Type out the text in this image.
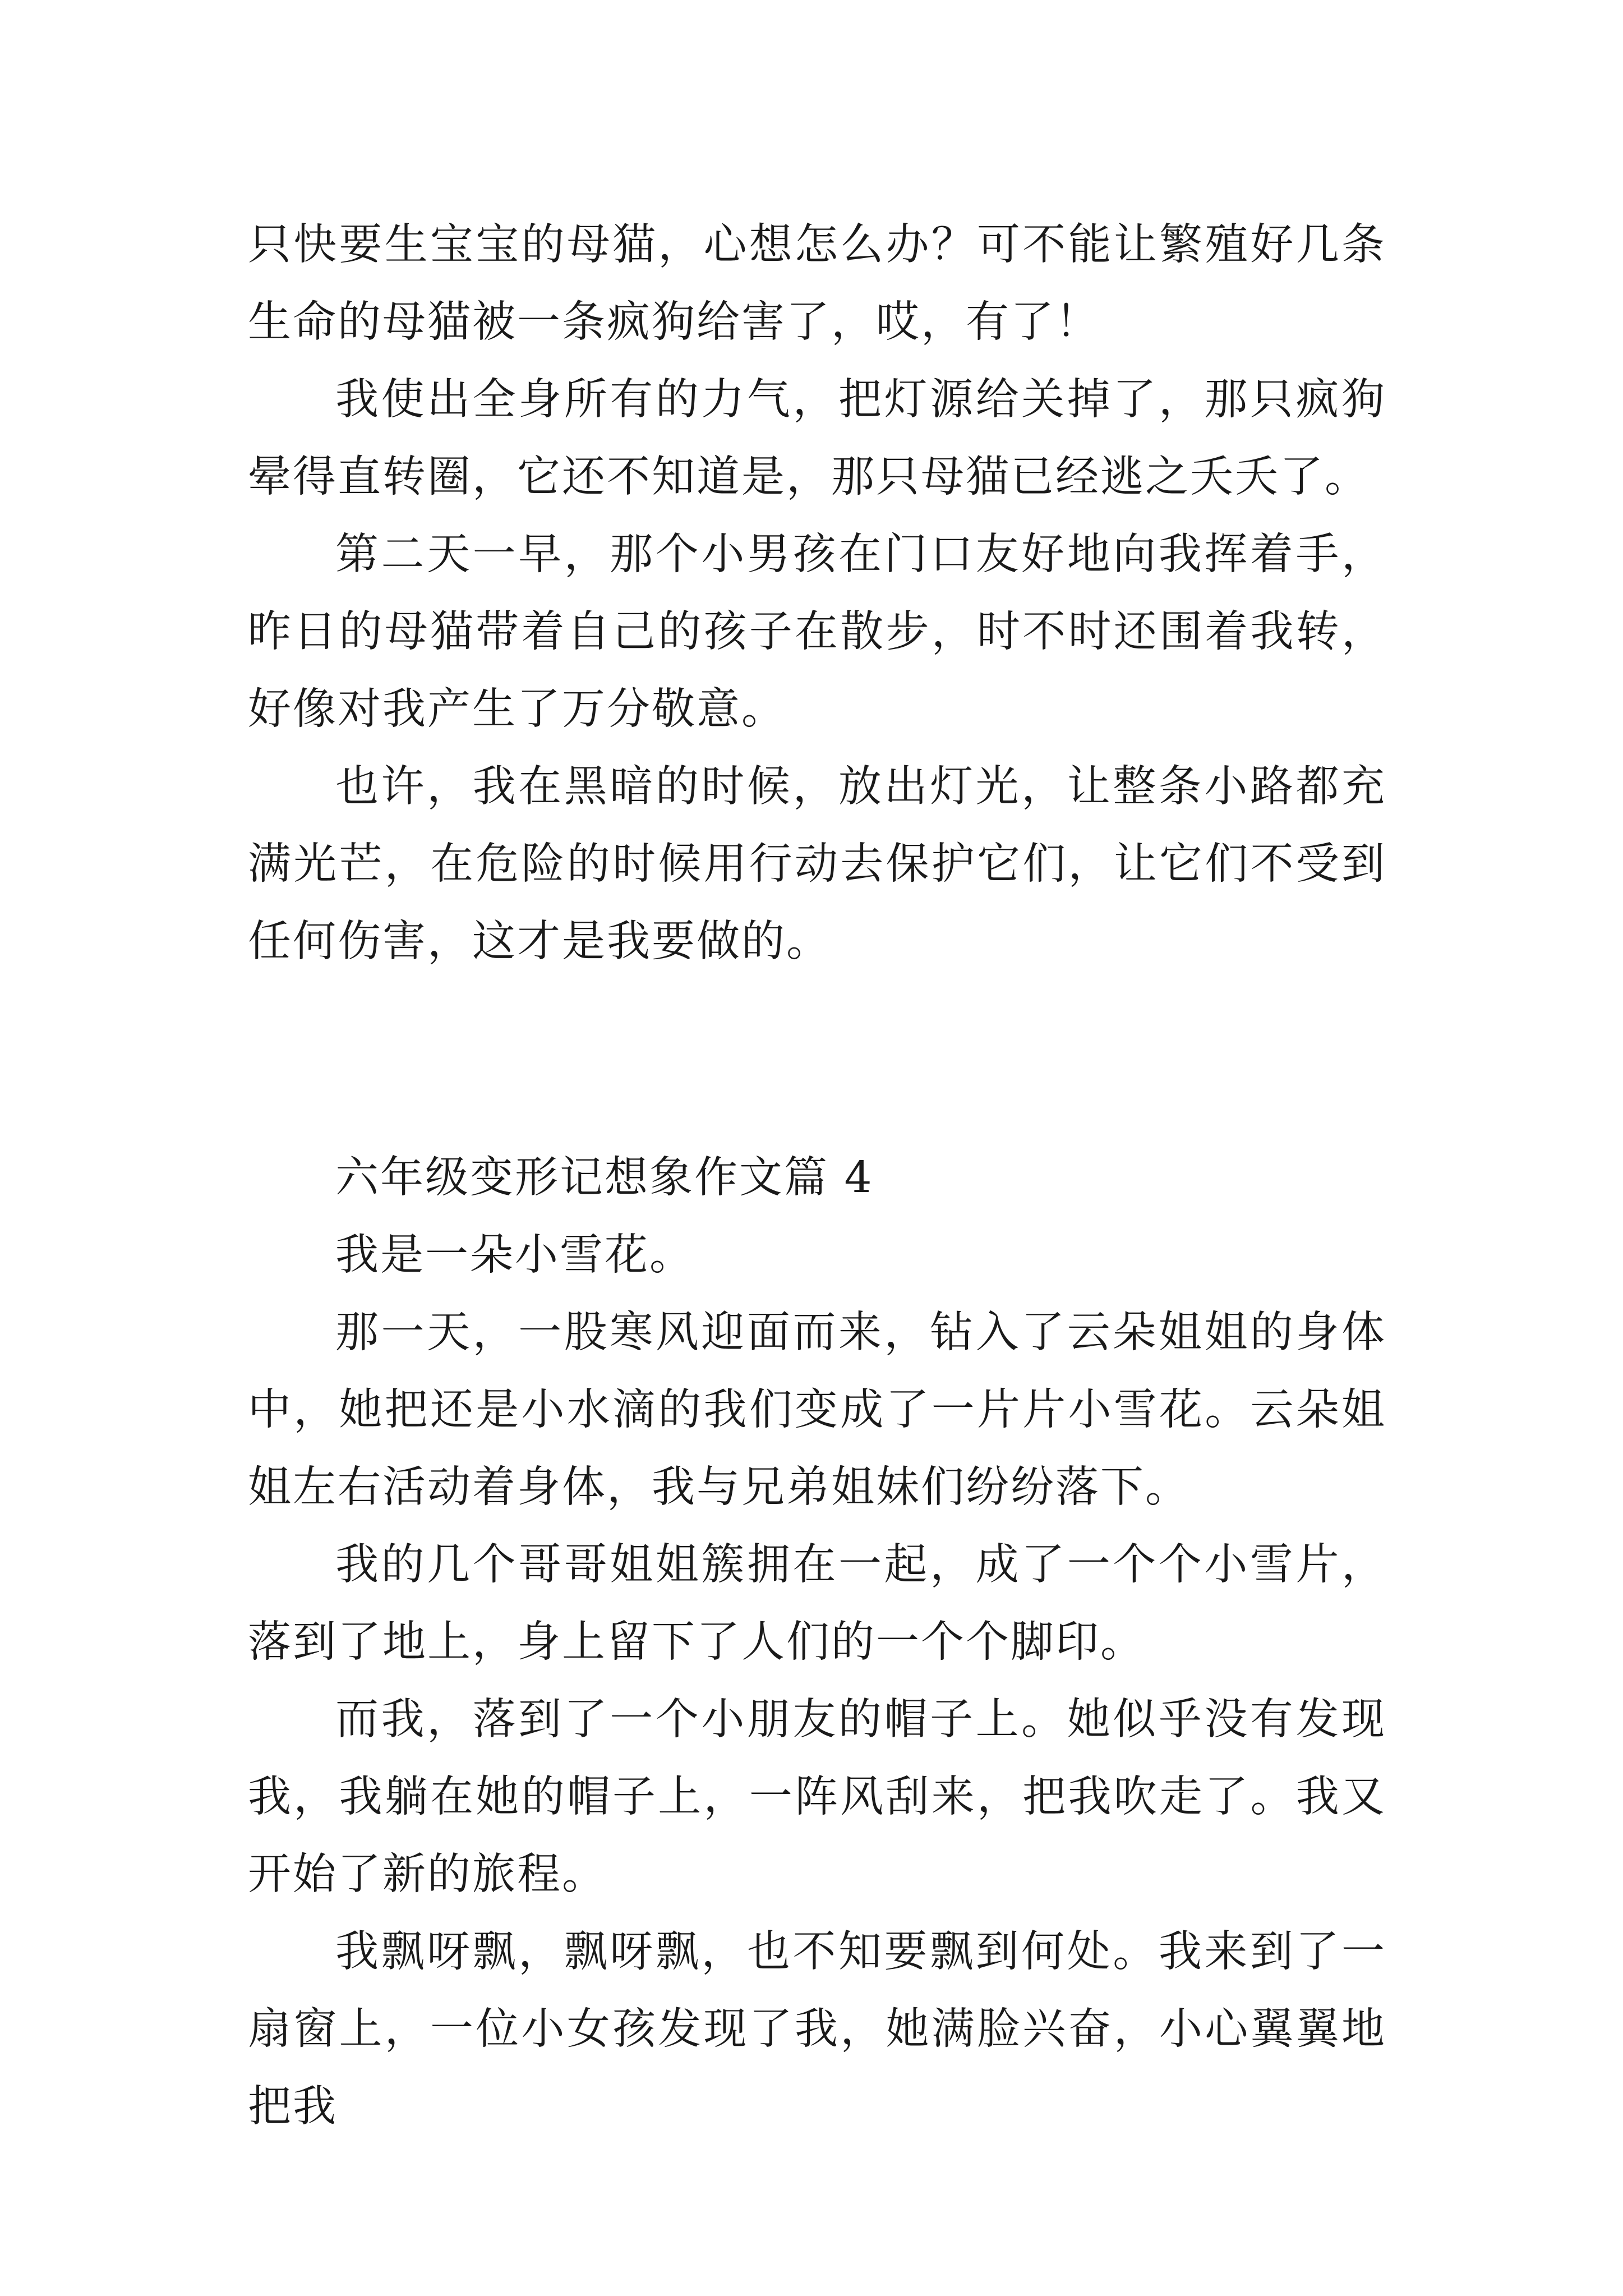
只快要生宝宝的母猫，心想怎么办？可不能让繁殖好几条生命的母猫被一条疯狗给害了，哎，有了！

我使出全身所有的力气，把灯源给关掉了，那只疯狗晕得直转圈，它还不知道是，那只母猫已经逃之夭夭了。

第二天一早，那个小男孩在门口友好地向我挥着手，昨日的母猫带着自己的孩子在散步，时不时还围着我转，好像对我产生了万分敬意。

也许，我在黑暗的时候，放出灯光，让整条小路都充满光芒，在危险的时候用行动去保护它们，让它们不受到任何伤害，这才是我要做的。

六年级变形记想象作文篇 4

我是一朵小雪花。

那一天，一股寒风迎面而来，钻入了云朵姐姐的身体中，她把还是小水滴的我们变成了一片片小雪花。云朵姐姐左右活动着身体，我与兄弟姐妹们纷纷落下。

我的几个哥哥姐姐簇拥在一起，成了一个个小雪片，落到了地上，身上留下了人们的一个个脚印。

而我，落到了一个小朋友的帽子上。她似乎没有发现我，我躺在她的帽子上，一阵风刮来，把我吹走了。我又开始了新的旅程。

我飘呀飘，飘呀飘，也不知要飘到何处。我来到了一扇窗上，一位小女孩发现了我，她满脸兴奋，小心翼翼地把我
